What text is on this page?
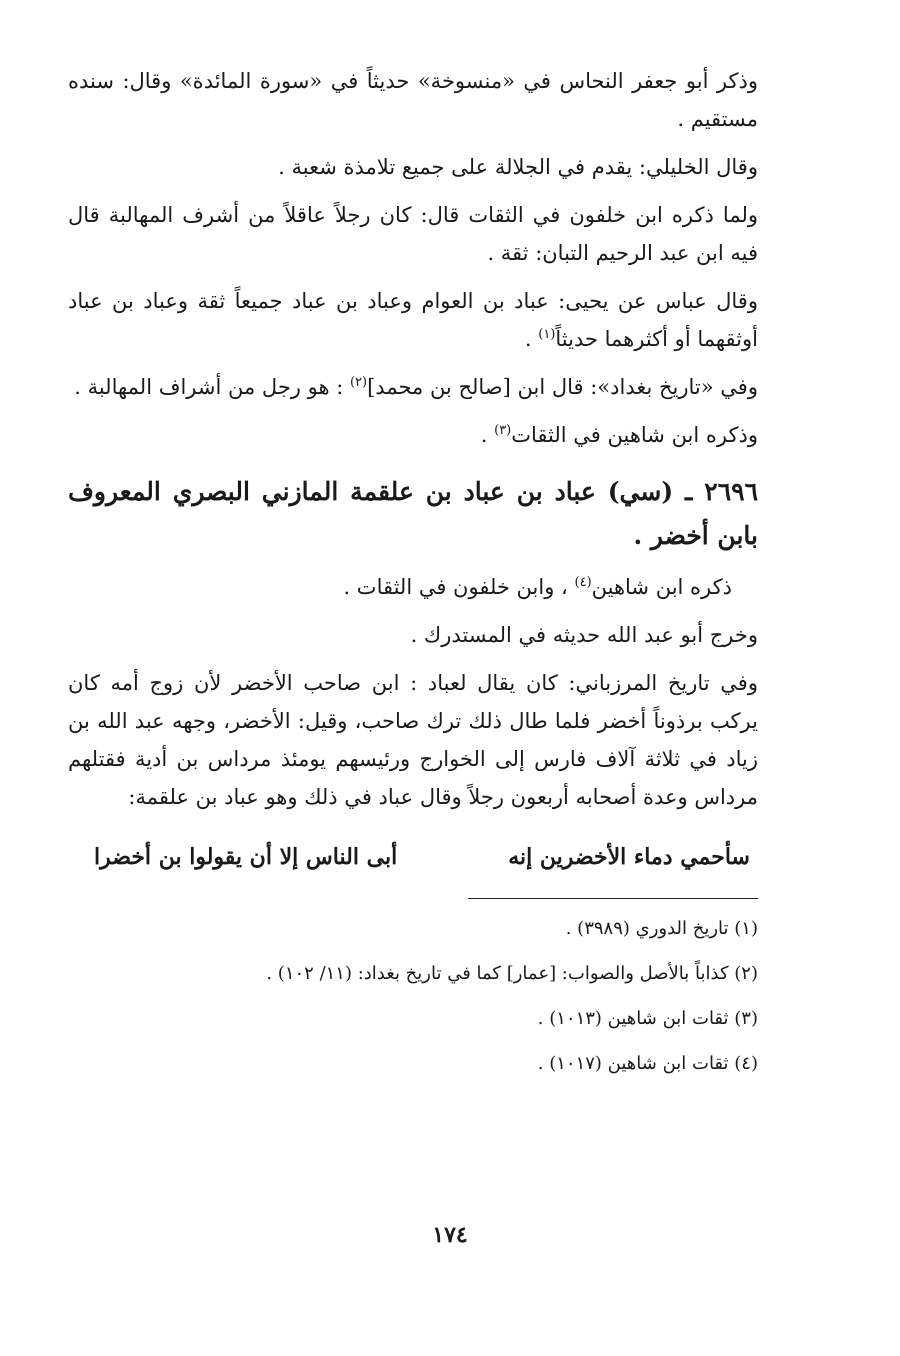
وذكر أبو جعفر النحاس في «منسوخة» حديثاً في «سورة المائدة» وقال: سنده مستقيم .

وقال الخليلي: يقدم في الجلالة على جميع تلامذة شعبة .

ولما ذكره ابن خلفون في الثقات قال: كان رجلاً عاقلاً من أشرف المهالبة قال فيه ابن عبد الرحيم التبان: ثقة .

وقال عباس عن يحيى: عباد بن العوام وعباد بن عباد جميعاً ثقة وعباد بن عباد أوثقهما أو أكثرهما حديثاً$^{(١)}$ .

وفي «تاريخ بغداد»: قال ابن [صالح بن محمد]$^{(٢)}$ : هو رجل من أشراف المهالبة .

وذكره ابن شاهين في الثقات$^{(٣)}$ .

٢٦٩٦ ـ (سي) عباد بن عباد بن علقمة المازني البصري المعروف بابن أخضر .

ذكره ابن شاهين$^{(٤)}$ ، وابن خلفون في الثقات .

وخرج أبو عبد الله حديثه في المستدرك .

وفي تاريخ المرزباني: كان يقال لعباد : ابن صاحب الأخضر لأن زوج أمه كان يركب برذوناً أخضر فلما طال ذلك ترك صاحب، وقيل: الأخضر، وجهه عبد الله بن زياد في ثلاثة آلاف فارس إلى الخوارج ورئيسهم يومئذ مرداس بن أدية فقتلهم مرداس وعدة أصحابه أربعون رجلاً وقال عباد في ذلك وهو عباد بن علقمة:

سأحمي دماء الأخضرين إنه
أبى الناس إلا أن يقولوا بن أخضرا

(١) تاريخ الدوري (٣٩٨٩) .

(٢) كذاباً بالأصل والصواب: [عمار] كما في تاريخ بغداد: (١١/ ١٠٢) .

(٣) ثقات ابن شاهين (١٠١٣) .

(٤) ثقات ابن شاهين (١٠١٧) .

١٧٤
